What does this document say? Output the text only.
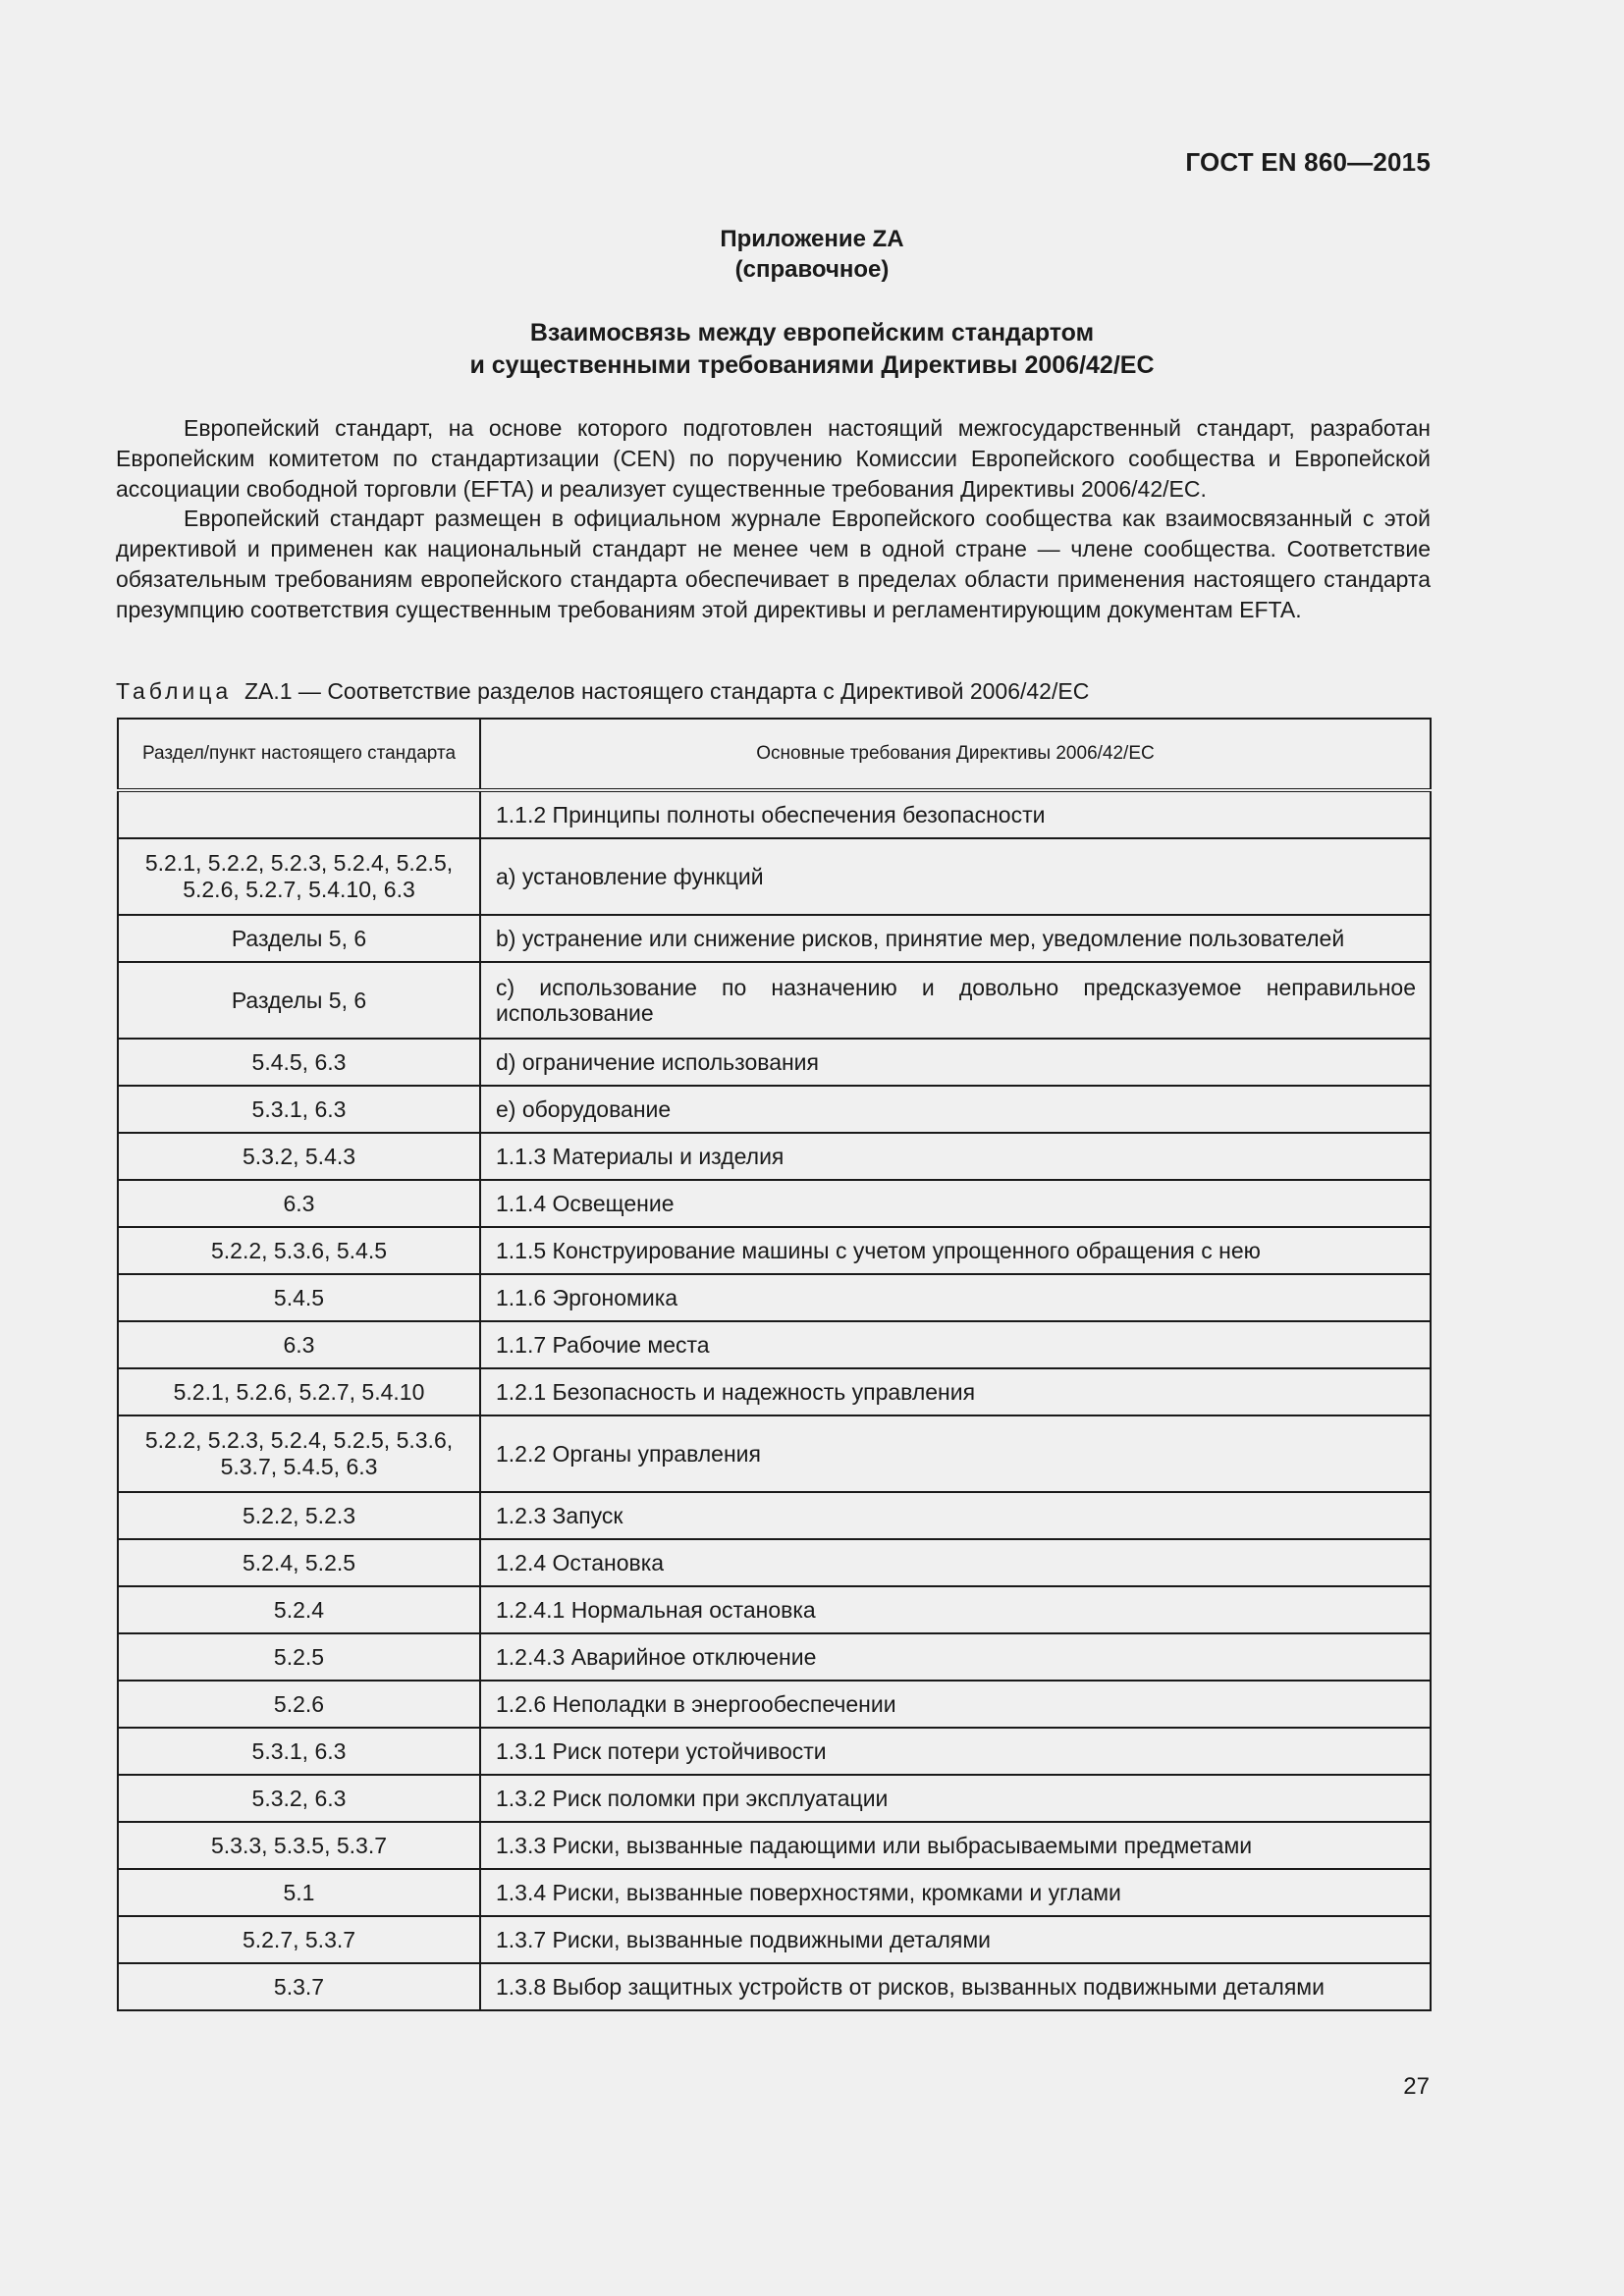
ГОСТ EN 860—2015
Приложение ZA
(справочное)
Взаимосвязь между европейским стандартом
и существенными требованиями Директивы 2006/42/ЕС

Европейский стандарт, на основе которого подготовлен настоящий межгосударственный стандарт, разработан Европейским комитетом по стандартизации (CEN) по поручению Комиссии Европейского сообщества и Европейской ассоциации свободной торговли (EFTA) и реализует существенные требования Директивы 2006/42/ЕС.

Европейский стандарт размещен в официальном журнале Европейского сообщества как взаимосвязанный с этой директивой и применен как национальный стандарт не менее чем в одной стране — члене сообщества. Соответствие обязательным требованиям европейского стандарта обеспечивает в пределах области применения настоящего стандарта презумпцию соответствия существенным требованиям этой директивы и регламентирующим документам EFTA.

Таблица ZA.1 — Соответствие разделов настоящего стандарта с Директивой 2006/42/ЕС
Раздел/пункт настоящего стандарта	Основные требования Директивы 2006/42/ЕС
	1.1.2 Принципы полноты обеспечения безопасности
5.2.1, 5.2.2, 5.2.3, 5.2.4, 5.2.5, 5.2.6, 5.2.7, 5.4.10, 6.3	а) установление функций
Разделы 5, 6	b) устранение или снижение рисков, принятие мер, уведомление пользователей
Разделы 5, 6	с) использование по назначению и довольно предсказуемое неправильное использование
5.4.5, 6.3	d) ограничение использования
5.3.1, 6.3	е) оборудование
5.3.2, 5.4.3	1.1.3 Материалы и изделия
6.3	1.1.4 Освещение
5.2.2, 5.3.6, 5.4.5	1.1.5 Конструирование машины с учетом упрощенного обращения с нею
5.4.5	1.1.6 Эргономика
6.3	1.1.7 Рабочие места
5.2.1, 5.2.6, 5.2.7, 5.4.10	1.2.1 Безопасность и надежность управления
5.2.2, 5.2.3, 5.2.4, 5.2.5, 5.3.6, 5.3.7, 5.4.5, 6.3	1.2.2 Органы управления
5.2.2, 5.2.3	1.2.3 Запуск
5.2.4, 5.2.5	1.2.4 Остановка
5.2.4	1.2.4.1 Нормальная остановка
5.2.5	1.2.4.3 Аварийное отключение
5.2.6	1.2.6 Неполадки в энергообеспечении
5.3.1, 6.3	1.3.1 Риск потери устойчивости
5.3.2, 6.3	1.3.2 Риск поломки при эксплуатации
5.3.3, 5.3.5, 5.3.7	1.3.3 Риски, вызванные падающими или выбрасываемыми предметами
5.1	1.3.4 Риски, вызванные поверхностями, кромками и углами
5.2.7, 5.3.7	1.3.7 Риски, вызванные подвижными деталями
5.3.7	1.3.8 Выбор защитных устройств от рисков, вызванных подвижными деталями
27
